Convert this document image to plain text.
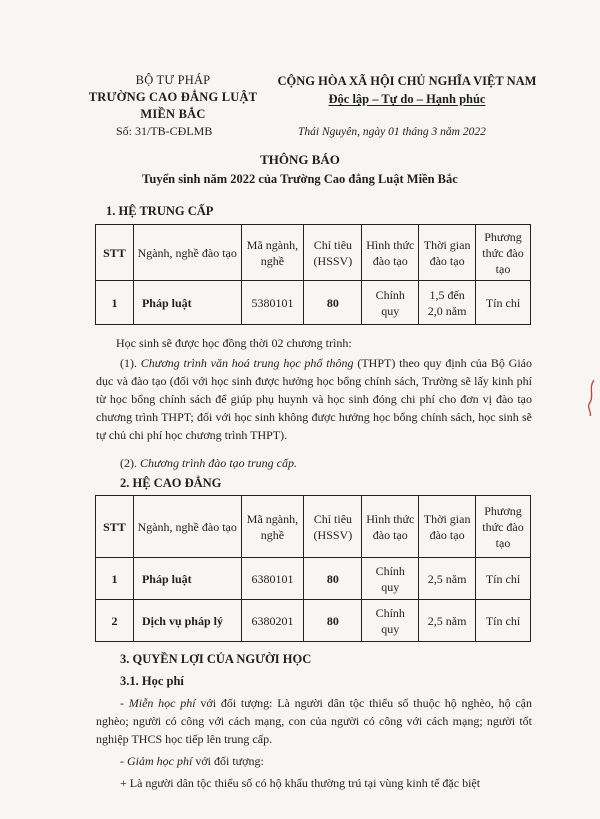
BỘ TƯ PHÁP
TRƯỜNG CAO ĐẲNG LUẬT
MIỀN BẮC
Số: 31/TB-CĐLMB
CỘNG HÒA XÃ HỘI CHỦ NGHĨA VIỆT NAM
Độc lập – Tự do – Hạnh phúc
Thái Nguyên, ngày 01 tháng 3 năm 2022
THÔNG BÁO
Tuyển sinh năm 2022 của Trường Cao đẳng Luật Miền Bắc
1. HỆ TRUNG CẤP
STT	Ngành, nghề đào tạo	Mã ngành, nghề	Chỉ tiêu (HSSV)	Hình thức đào tạo	Thời gian đào tạo	Phương thức đào tạo
1	Pháp luật	5380101	80	Chính quy	1,5 đến 2,0 năm	Tín chỉ
Học sinh sẽ được học đồng thời 02 chương trình:
(1). Chương trình văn hoá trung học phổ thông (THPT) theo quy định của Bộ Giáo dục và đào tạo (đối với học sinh được hưởng học bổng chính sách, Trường sẽ lấy kinh phí từ học bổng chính sách để giúp phụ huynh và học sinh đóng chi phí cho đơn vị đào tạo chương trình THPT; đối với học sinh không được hưởng học bổng chính sách, học sinh sẽ tự chủ chi phí học chương trình THPT).
(2). Chương trình đào tạo trung cấp.
2. HỆ CAO ĐẲNG
STT	Ngành, nghề đào tạo	Mã ngành, nghề	Chỉ tiêu (HSSV)	Hình thức đào tạo	Thời gian đào tạo	Phương thức đào tạo
1	Pháp luật	6380101	80	Chính quy	2,5 năm	Tín chỉ
2	Dịch vụ pháp lý	6380201	80	Chính quy	2,5 năm	Tín chỉ
3. QUYỀN LỢI CỦA NGƯỜI HỌC
3.1. Học phí
- Miễn học phí với đối tượng: Là người dân tộc thiểu số thuộc hộ nghèo, hộ cận nghèo; người có công với cách mạng, con của người có công với cách mạng; người tốt nghiệp THCS học tiếp lên trung cấp.
- Giảm học phí với đối tượng:
+ Là người dân tộc thiểu số có hộ khẩu thường trú tại vùng kinh tế đặc biệt
